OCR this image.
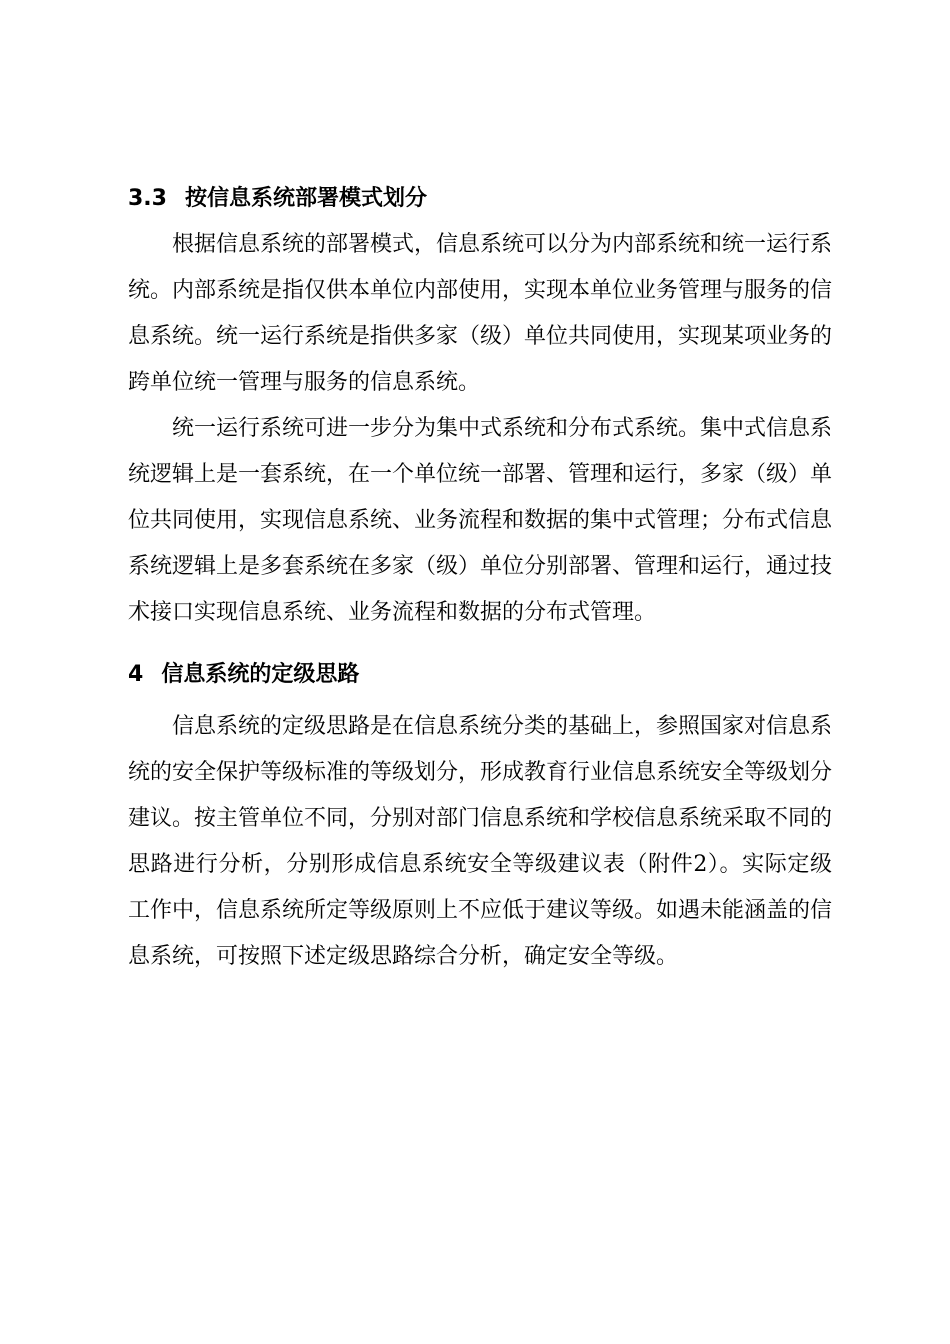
3.3 按信息系统部署模式划分

根据信息系统的部署模式，信息系统可以分为内部系统和统一运行系统。内部系统是指仅供本单位内部使用，实现本单位业务管理与服务的信息系统。统一运行系统是指供多家（级）单位共同使用，实现某项业务的跨单位统一管理与服务的信息系统。

统一运行系统可进一步分为集中式系统和分布式系统。集中式信息系统逻辑上是一套系统，在一个单位统一部署、管理和运行，多家（级）单位共同使用，实现信息系统、业务流程和数据的集中式管理；分布式信息系统逻辑上是多套系统在多家（级）单位分别部署、管理和运行，通过技术接口实现信息系统、业务流程和数据的分布式管理。

4 信息系统的定级思路

信息系统的定级思路是在信息系统分类的基础上，参照国家对信息系统的安全保护等级标准的等级划分，形成教育行业信息系统安全等级划分建议。按主管单位不同，分别对部门信息系统和学校信息系统采取不同的思路进行分析，分别形成信息系统安全等级建议表（附件2）。实际定级工作中，信息系统所定等级原则上不应低于建议等级。如遇未能涵盖的信息系统，可按照下述定级思路综合分析，确定安全等级。
